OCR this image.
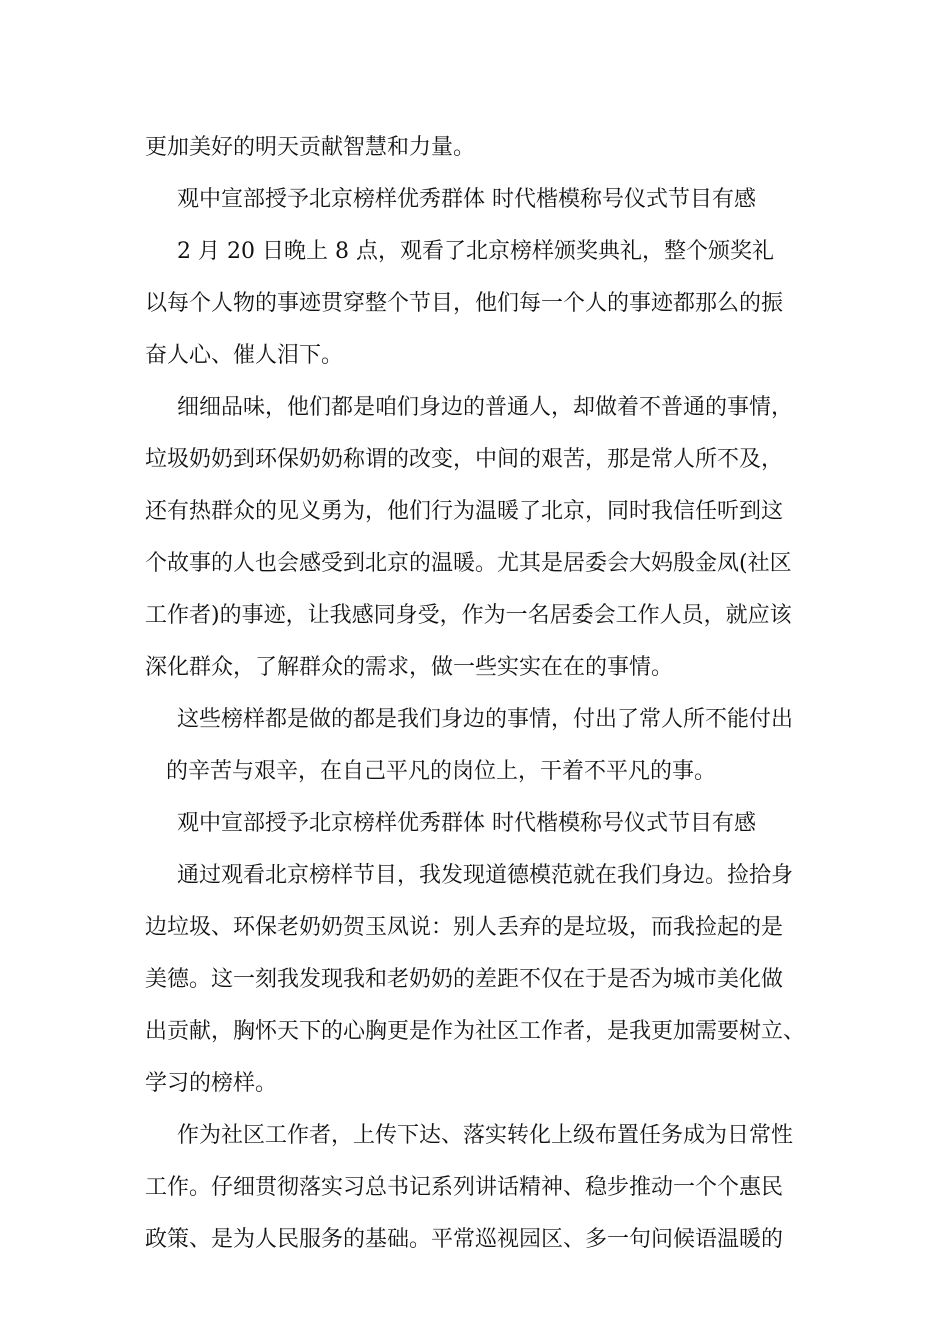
更加美好的明天贡献智慧和力量。
观中宣部授予北京榜样优秀群体 时代楷模称号仪式节目有感
2 月 20 日晚上 8 点，观看了北京榜样颁奖典礼，整个颁奖礼
以每个人物的事迹贯穿整个节目，他们每一个人的事迹都那么的振
奋人心、催人泪下。
细细品味，他们都是咱们身边的普通人，却做着不普通的事情，
垃圾奶奶到环保奶奶称谓的改变，中间的艰苦，那是常人所不及，
还有热群众的见义勇为，他们行为温暖了北京，同时我信任听到这
个故事的人也会感受到北京的温暖。尤其是居委会大妈殷金凤(社区
工作者)的事迹，让我感同身受，作为一名居委会工作人员，就应该
深化群众，了解群众的需求，做一些实实在在的事情。
这些榜样都是做的都是我们身边的事情，付出了常人所不能付出
的辛苦与艰辛，在自己平凡的岗位上，干着不平凡的事。
观中宣部授予北京榜样优秀群体 时代楷模称号仪式节目有感
通过观看北京榜样节目，我发现道德模范就在我们身边。捡拾身
边垃圾、环保老奶奶贺玉凤说：别人丢弃的是垃圾，而我捡起的是
美德。这一刻我发现我和老奶奶的差距不仅在于是否为城市美化做
出贡献，胸怀天下的心胸更是作为社区工作者，是我更加需要树立、
学习的榜样。
作为社区工作者，上传下达、落实转化上级布置任务成为日常性
工作。仔细贯彻落实习总书记系列讲话精神、稳步推动一个个惠民
政策、是为人民服务的基础。平常巡视园区、多一句问候语温暖的
